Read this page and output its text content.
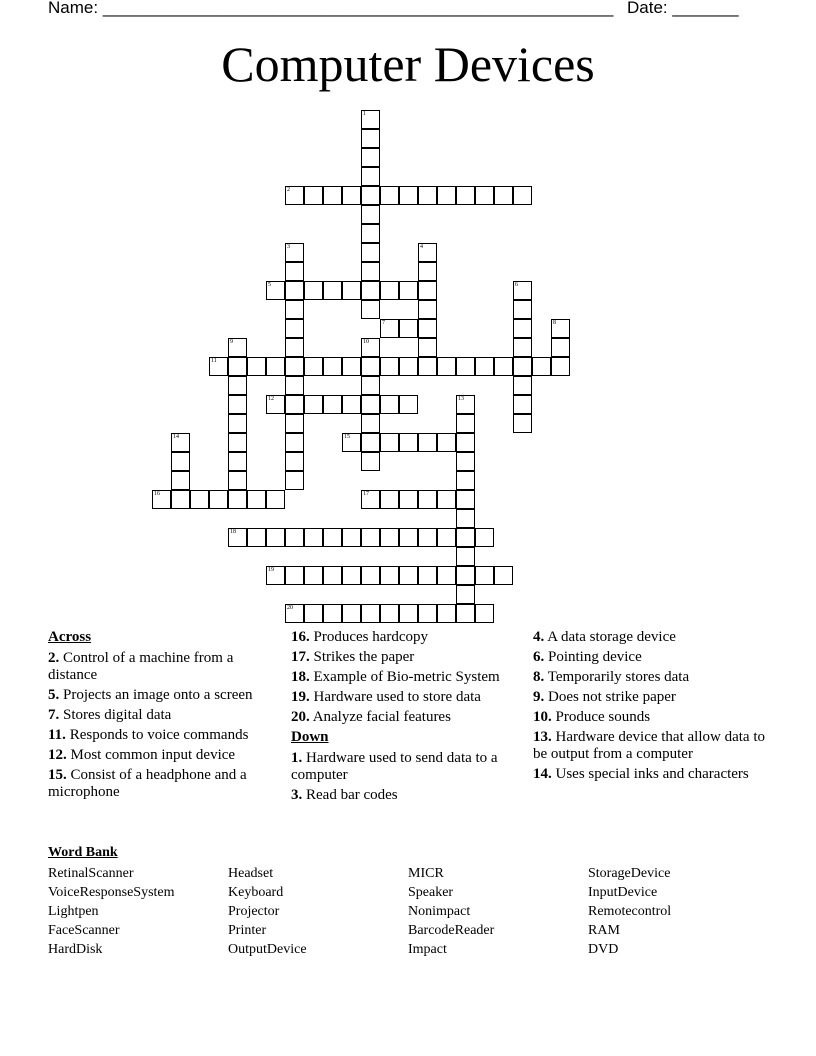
Name: ______________________________________________________ Date: _______
Computer Devices
1
2
3	4
5	6
7	8
9	10
11
12	13
14	15
16	17
18
19
20
Across
2. Control of a machine from a distance
5. Projects an image onto a screen
7. Stores digital data
11. Responds to voice commands
12. Most common input device
15. Consist of a headphone and a microphone
16. Produces hardcopy
17. Strikes the paper
18. Example of Bio-metric System
19. Hardware used to store data
20. Analyze facial features
Down
1. Hardware used to send data to a computer
3. Read bar codes
4. A data storage device
6. Pointing device
8. Temporarily stores data
9. Does not strike paper
10. Produce sounds
13. Hardware device that allow data to be output from a computer
14. Uses special inks and characters
Word Bank
RetinalScanner
VoiceResponseSystem
Lightpen
FaceScanner
HardDisk
Headset
Keyboard
Projector
Printer
OutputDevice
MICR
Speaker
Nonimpact
BarcodeReader
Impact
StorageDevice
InputDevice
Remotecontrol
RAM
DVD
